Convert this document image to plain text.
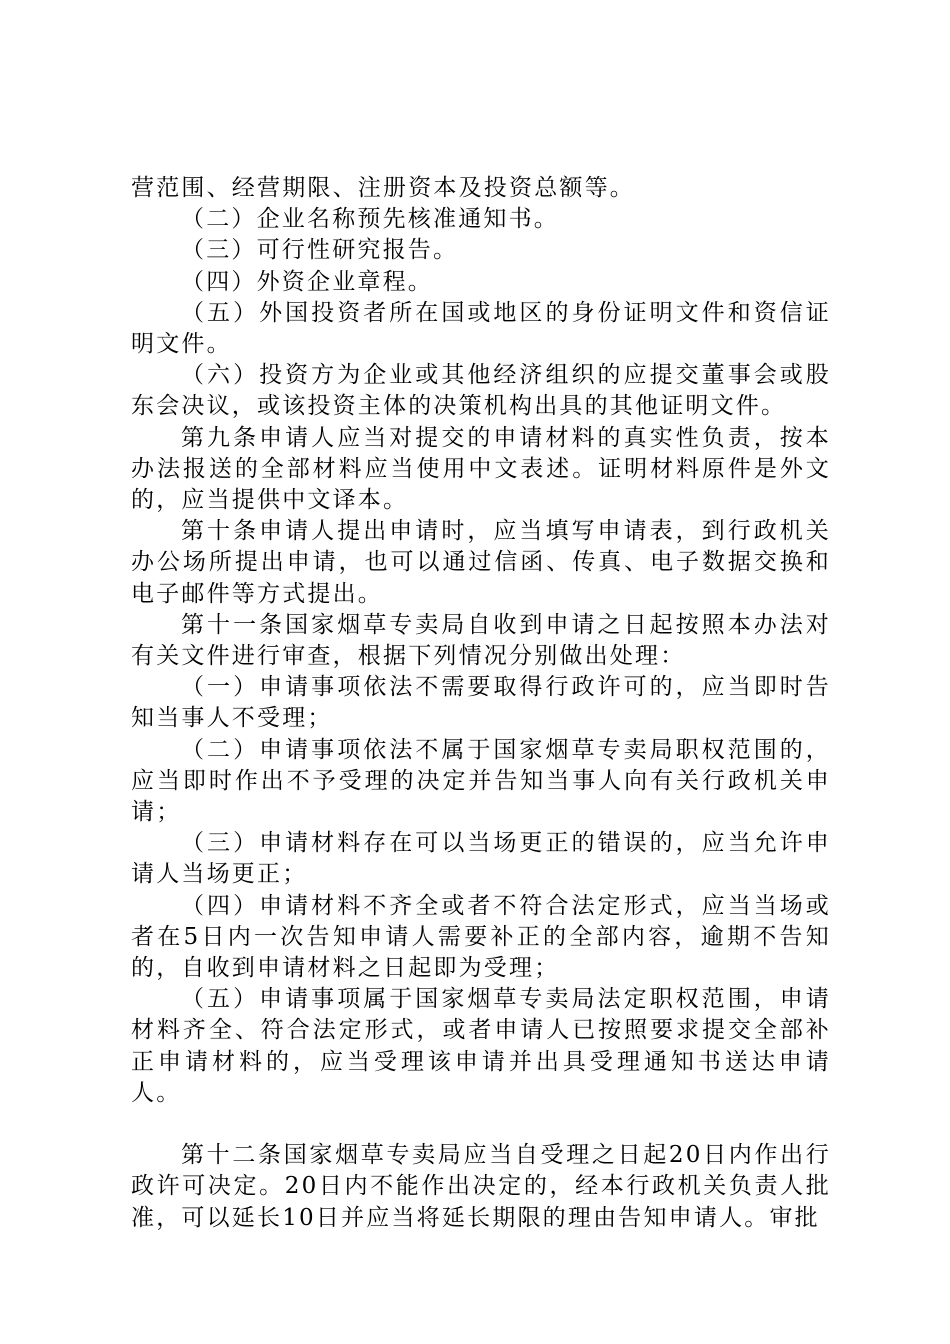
营范围、经营期限、注册资本及投资总额等。

（二）企业名称预先核准通知书。

（三）可行性研究报告。

（四）外资企业章程。

（五）外国投资者所在国或地区的身份证明文件和资信证明文件。

（六）投资方为企业或其他经济组织的应提交董事会或股东会决议，或该投资主体的决策机构出具的其他证明文件。

第九条申请人应当对提交的申请材料的真实性负责，按本办法报送的全部材料应当使用中文表述。证明材料原件是外文的，应当提供中文译本。

第十条申请人提出申请时，应当填写申请表，到行政机关办公场所提出申请，也可以通过信函、传真、电子数据交换和电子邮件等方式提出。

第十一条国家烟草专卖局自收到申请之日起按照本办法对有关文件进行审查，根据下列情况分别做出处理：

（一）申请事项依法不需要取得行政许可的，应当即时告知当事人不受理；

（二）申请事项依法不属于国家烟草专卖局职权范围的，应当即时作出不予受理的决定并告知当事人向有关行政机关申请；

（三）申请材料存在可以当场更正的错误的，应当允许申请人当场更正；

（四）申请材料不齐全或者不符合法定形式，应当当场或者在5日内一次告知申请人需要补正的全部内容，逾期不告知的，自收到申请材料之日起即为受理；

（五）申请事项属于国家烟草专卖局法定职权范围，申请材料齐全、符合法定形式，或者申请人已按照要求提交全部补正申请材料的，应当受理该申请并出具受理通知书送达申请人。

第十二条国家烟草专卖局应当自受理之日起20日内作出行政许可决定。20日内不能作出决定的，经本行政机关负责人批准，可以延长10日并应当将延长期限的理由告知申请人。审批
